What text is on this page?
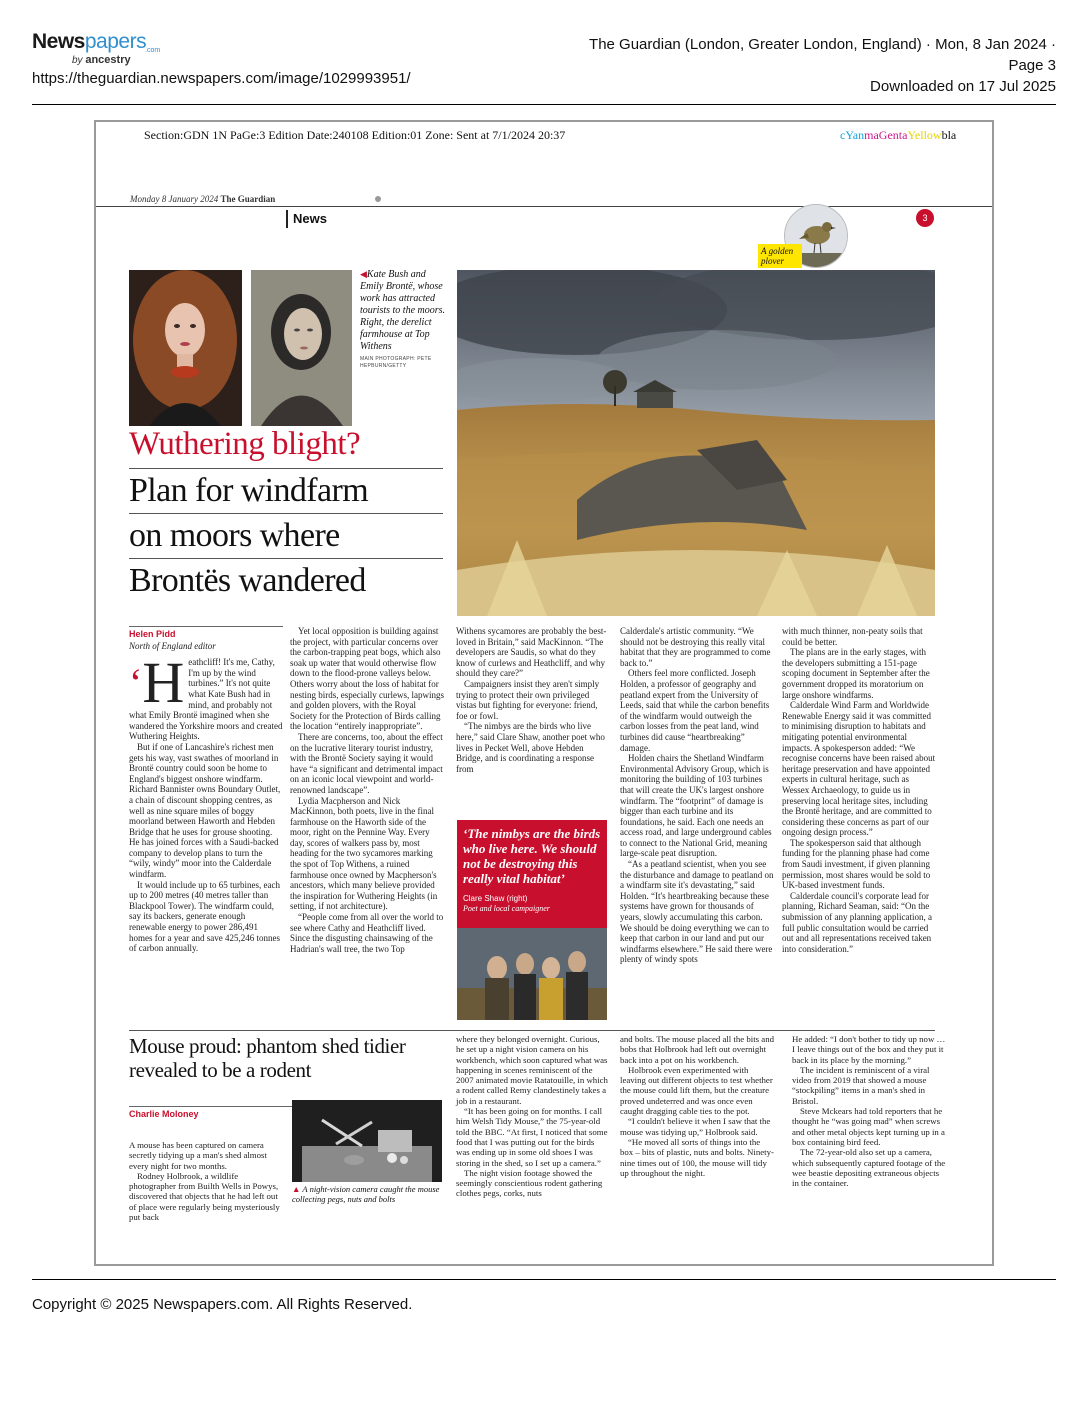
Newspapers
.com
by ancestry
https://theguardian.newspapers.com/image/1029993951/
The Guardian (London, Greater London, England) · Mon, 8 Jan 2024 ·
Page 3
Downloaded on 17 Jul 2025
Section:GDN 1N PaGe:3 Edition Date:240108 Edition:01 Zone: Sent at 7/1/2024 20:37	cYanmaGentaYellowbla
Monday 8 January 2024 The Guardian
News	3
A golden plover
◀Kate Bush and Emily Brontë, whose work has attracted tourists to the moors. Right, the derelict farmhouse at Top Withens
MAIN PHOTOGRAPH: PETE HEPBURN/GETTY
Wuthering blight?
Plan for windfarm
on moors where
Brontës wandered
Helen Pidd
North of England editor
‘H eathcliff! It's me, Cathy, I'm up by the wind turbines.” It's not quite what Kate Bush had in mind, and probably not what Emily Brontë imagined when she wandered the Yorkshire moors and created Wuthering Heights.

But if one of Lancashire's richest men gets his way, vast swathes of moorland in Brontë country could soon be home to England's biggest onshore windfarm. Richard Bannister owns Boundary Outlet, a chain of discount shopping centres, as well as nine square miles of boggy moorland between Haworth and Hebden Bridge that he uses for grouse shooting. He has joined forces with a Saudi-backed company to develop plans to turn the “wily, windy” moor into the Calderdale windfarm.

It would include up to 65 turbines, each up to 200 metres (40 metres taller than Blackpool Tower). The windfarm could, say its backers, generate enough renewable energy to power 286,491 homes for a year and save 425,246 tonnes of carbon annually.

Yet local opposition is building against the project, with particular concerns over the carbon-trapping peat bogs, which also soak up water that would otherwise flow down to the flood-prone valleys below. Others worry about the loss of habitat for nesting birds, especially curlews, lapwings and golden plovers, with the Royal Society for the Protection of Birds calling the location “entirely inappropriate”.

There are concerns, too, about the effect on the lucrative literary tourist industry, with the Brontë Society saying it would have “a significant and detrimental impact on an iconic local viewpoint and world-renowned landscape”.

Lydia Macpherson and Nick MacKinnon, both poets, live in the final farmhouse on the Haworth side of the moor, right on the Pennine Way. Every day, scores of walkers pass by, most heading for the two sycamores marking the spot of Top Withens, a ruined farmhouse once owned by Macpherson's ancestors, which many believe provided the inspiration for Wuthering Heights (in setting, if not architecture).

“People come from all over the world to see where Cathy and Heathcliff lived. Since the disgusting chainsawing of the Hadrian's wall tree, the two Top

Withens sycamores are probably the best-loved in Britain,” said MacKinnon. “The developers are Saudis, so what do they know of curlews and Heathcliff, and why should they care?”

Campaigners insist they aren't simply trying to protect their own privileged vistas but fighting for everyone: friend, foe or fowl.

“The nimbys are the birds who live here,” said Clare Shaw, another poet who lives in Pecket Well, above Hebden Bridge, and is coordinating a response from

‘The nimbys are the birds who live here. We should not be destroying this really vital habitat’
Clare Shaw (right)
Poet and local campaigner

Calderdale's artistic community. “We should not be destroying this really vital habitat that they are programmed to come back to.”

Others feel more conflicted. Joseph Holden, a professor of geography and peatland expert from the University of Leeds, said that while the carbon benefits of the windfarm would outweigh the carbon losses from the peat land, wind turbines did cause “heartbreaking” damage.

Holden chairs the Shetland Windfarm Environmental Advisory Group, which is monitoring the building of 103 turbines that will create the UK's largest onshore windfarm. The “footprint” of damage is bigger than each turbine and its foundations, he said. Each one needs an access road, and large underground cables to connect to the National Grid, meaning large-scale peat disruption.

“As a peatland scientist, when you see the disturbance and damage to peatland on a windfarm site it's devastating,” said Holden. “It's heartbreaking because these systems have grown for thousands of years, slowly accumulating this carbon. We should be doing everything we can to keep that carbon in our land and put our windfarms elsewhere.” He said there were plenty of windy spots

with much thinner, non-peaty soils that could be better.

The plans are in the early stages, with the developers submitting a 151-page scoping document in September after the government dropped its moratorium on large onshore windfarms.

Calderdale Wind Farm and Worldwide Renewable Energy said it was committed to minimising disruption to habitats and mitigating potential environmental impacts. A spokesperson added: “We recognise concerns have been raised about heritage preservation and have appointed experts in cultural heritage, such as Wessex Archaeology, to guide us in preserving local heritage sites, including the Brontë heritage, and are committed to considering these concerns as part of our ongoing design process.”

The spokesperson said that although funding for the planning phase had come from Saudi investment, if given planning permission, most shares would be sold to UK-based investment funds.

Calderdale council's corporate lead for planning, Richard Seaman, said: “On the submission of any planning application, a full public consultation would be carried out and all representations received taken into consideration.”

Mouse proud: phantom shed tidier revealed to be a rodent
Charlie Moloney
▲ A night-vision camera caught the mouse collecting pegs, nuts and bolts

A mouse has been captured on camera secretly tidying up a man's shed almost every night for two months.

Rodney Holbrook, a wildlife photographer from Builth Wells in Powys, discovered that objects that he had left out of place were regularly being mysteriously put back

where they belonged overnight. Curious, he set up a night vision camera on his workbench, which soon captured what was happening in scenes reminiscent of the 2007 animated movie Ratatouille, in which a rodent called Remy clandestinely takes a job in a restaurant.

“It has been going on for months. I call him Welsh Tidy Mouse,” the 75-year-old told the BBC. “At first, I noticed that some food that I was putting out for the birds was ending up in some old shoes I was storing in the shed, so I set up a camera.”

The night vision footage showed the seemingly conscientious rodent gathering clothes pegs, corks, nuts

and bolts. The mouse placed all the bits and bobs that Holbrook had left out overnight back into a pot on his workbench.

Holbrook even experimented with leaving out different objects to test whether the mouse could lift them, but the creature proved undeterred and was once even caught dragging cable ties to the pot.

“I couldn't believe it when I saw that the mouse was tidying up,” Holbrook said.

“He moved all sorts of things into the box – bits of plastic, nuts and bolts. Ninety-nine times out of 100, the mouse will tidy up throughout the night.

He added: “I don't bother to tidy up now … I leave things out of the box and they put it back in its place by the morning.”

The incident is reminiscent of a viral video from 2019 that showed a mouse “stockpiling” items in a man's shed in Bristol.

Steve Mckears had told reporters that he thought he “was going mad” when screws and other metal objects kept turning up in a box containing bird feed.

The 72-year-old also set up a camera, which subsequently captured footage of the wee beastie depositing extraneous objects in the container.

Copyright © 2025 Newspapers.com. All Rights Reserved.
